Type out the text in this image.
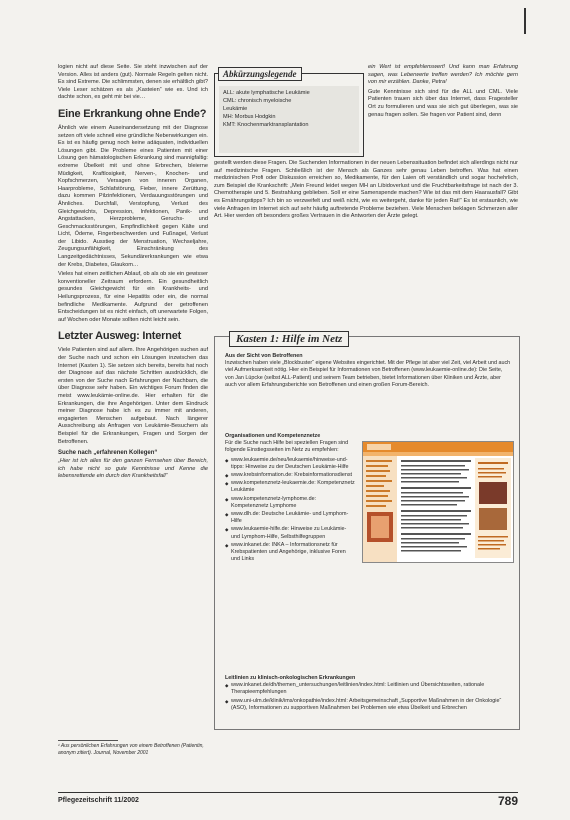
logien nicht auf diese Seite. Sie steht inzwischen auf der Version. Alles ist anders (gut). Normale Regeln gelten nicht. Es sind Extreme. Die schlimmsten, denen sie erhältlich gibt? Viele Leser schätzen es als „Kasteien“ wie es. Und ich dachte schon, es geht mir bei vie…

Eine Erkrankung ohne Ende?

Ähnlich wie einem Auseinandersetzung mit der Diagnose setzen oft viele schnell eine gründliche Nebenwirkungen ein. Es ist es häufig genug noch keine adäquaten, individuellen Lösungen gibt. Die Probleme eines Patienten mit einer Lösung gen hämatologischen Erkrankung sind mannigfaltig: extreme Übelkeit mit und ohne Erbrechen, bleierne Müdigkeit, Kraftlosigkeit, Nerven-, Knochen- und Kopfschmerzen, Versagen von inneren Organen, Haarprobleme, Schlafstörung, Fieber, innere Zerüttung, dazu kommen Pilzinfektionen, Verdauungsstörungen und Ähnliches. Durchfall, Verstopfung, Verlust des Gleichgewichts, Depression, Infektionen, Panik- und Angstattacken, Herzprobleme, Geruchs- und Geschmacksstörungen, Empfindlichkeit gegen Kälte und Licht, Ödeme, Fingerbeschwerden und Fußnagel, Verlust der Libido. Ausstieg der Menstruation, Wechseljahre, Zeugungsunfähigkeit, Einschränkung des Langzeitgedächtnisses, Sekundärerkrankungen wie etwa der Krebs, Diabetes, Glaukom…

Vieles hat einen zeitlichen Ablauf, ob als ob sie ein gewisser konventioneller Zeitraum erfordern. Ein gesundheitlich gesundes Gleichgewicht für ein Krankheits- und Heilungsprozess, für eine Hepatitis oder ein, die normal befindliche Medikamente. Aufgrund der getroffenen Entscheidungen ist es nicht einfach, oft unerwartete Folgen, auf Wochen oder Monate sollten nicht leicht sein.

Letzter Ausweg: Internet

Viele Patienten sind auf allem. Ihre Angehörigen suchen auf der Suche nach und schon ein Lösungen inzwischen das Internet (Kasten 1). Sie setzen sich bereits, bereits hat noch der Diagnose auf das nächste Schritten ausdrücklich, die ersten von der Suche nach Erfahrungen der Nachbarn, die über Diagnose sehr haben. Ein wichtiges Forum finden die meist www.leukämie-online.de. Hier erhalten für die Erkrankungen, die ihre Angehörigen. Unter dem Eindruck meiner Diagnose habe ich es zu immer mit anderen, engagierten Menschen aufgebaut. Nach längerer Ausschreibung als Anfragen von Leukämie-Besuchern als Beispiel für die Erkrankungen, Fragen und Sorgen der Betroffenen.

Suche nach „erfahrenen Kollegen“

„Hier ist ich alles für den ganzen Fernsehen über Bereich, ich habe nicht so gute Kenntnisse und Kenne die lebensrettende ein durch den Krankheitsfall“

¹ Aus persönlichen Erfahrungen von einem Betroffenen (Patientin, anonym zitiert). Journal, November 2001
ALL: akute lymphatische Leukämie
CML: chronisch myeloische
Leukämie
MH: Morbus Hodgkin
KMT: Knochenmarktransplantation
Abkürzungslegende

ein Wert ist empfehlenswert! Und kann man Erfahrung sagen, was Leberwerte treffen werden? Ich möchte gern von mir erzählen. Danke, Petra!

Gute Kenntnisse sich sind für die ALL und CML. Viele Patienten trauen sich über das Internet, dass Fragesteller Ort zu formulieren und was sie sich gut überlegen, was sie genau fragen sollen. Sie fragen vor Patient sind, denn

gestellt werden diese Fragen. Die Suchenden Informationen in der neuen Lebenssituation befindet sich allerdings nicht nur auf medizinische Fragen. Schließlich ist der Mensch als Ganzes sehr genau Leben betroffen. Was hat einen medizinischen Profi oder Diskussion erreichen so, Medikamente, für den Laien oft verständlich und sogar hochehrlich, zum Beispiel die Krankschrift: „Mein Freund leidet wegen MH an Libidoverlust und die Fruchtbarkeitsfrage ist nach der 3. Chemotherapie und 5. Bestrahlung geblieben. Soll er eine Samenspende machen? Wie ist das mit dem Haarausfall? Gibt es Ernährungstipps? Ich bin so verzweifelt und weiß nicht, wie es weitergeht, danke für jeden Rat!“ Es ist erstaunlich, wie viele Anfragen im Internet sich auf sehr häufig auftretende Probleme beziehen. Viele Menschen beklagen Schmerzen aller Art. Hier werden oft besonders großes Vertrauen in die Antworten der Ärzte gelegt.

Kasten 1: Hilfe im Netz
Aus der Sicht von Betroffenen
Inzwischen haben viele „Blockbuster“ eigene Websites eingerichtet. Mit der Pflege ist aber viel Zeit, viel Arbeit und auch viel Aufmerksamkeit nötig. Hier ein Beispiel für Informationen von Betroffenen (www.leukaemie-online.de): Die Seite, von Jan Lüpcke (selbst ALL-Patient) und seinem Team betrieben, bietet Informationen über Kliniken und Ärzte, aber auch vor allem Erfahrungsberichte von Betroffenen und einen großen Forum-Bereich.
Organisationen und Kompetenznetze
Für die Suche nach Hilfe bei speziellen Fragen sind folgende Einstiegsseiten im Netz zu empfehlen:
◆ www.leukaemie.de/neu/leukaemie/hinweise-und-tipps: Hinweise zu der Deutschen Leukämie-Hilfe
◆ www.krebsinformation.de: Krebsinformationsdienst
◆ www.kompetenznetz-leukaemie.de: Kompetenznetz Leukämie
◆ www.kompetenznetz-lymphome.de: Kompetenznetz Lymphome
◆ www.dlh.de: Deutsche Leukämie- und Lymphom-Hilfe
◆ www.leukaemie-hilfe.de: Hinweise zu Leukämie- und Lymphom-Hilfe, Selbsthilfegruppen
◆ www.inkanet.de: INKA – Informationsnetz für Krebspatienten und Angehörige, inklusive Foren und Links
Leitlinien zu klinisch-onkologischen Erkrankungen
◆ www.inkanet.de/dh/themen_untersuchungen/leitlinien/index.html: Leitlinien und Übersichtsseiten, rationale Therapieempfehlungen
◆ www.uni-ulm.de/klinik/ims/onkopathie/index.html: Arbeitsgemeinschaft „Supportive Maßnahmen in der Onkologie“ (ASO), Informationen zu supportiven Maßnahmen bei Problemen wie etwa Übelkeit und Erbrechen
Pflegezeitschrift 11/2002	789
